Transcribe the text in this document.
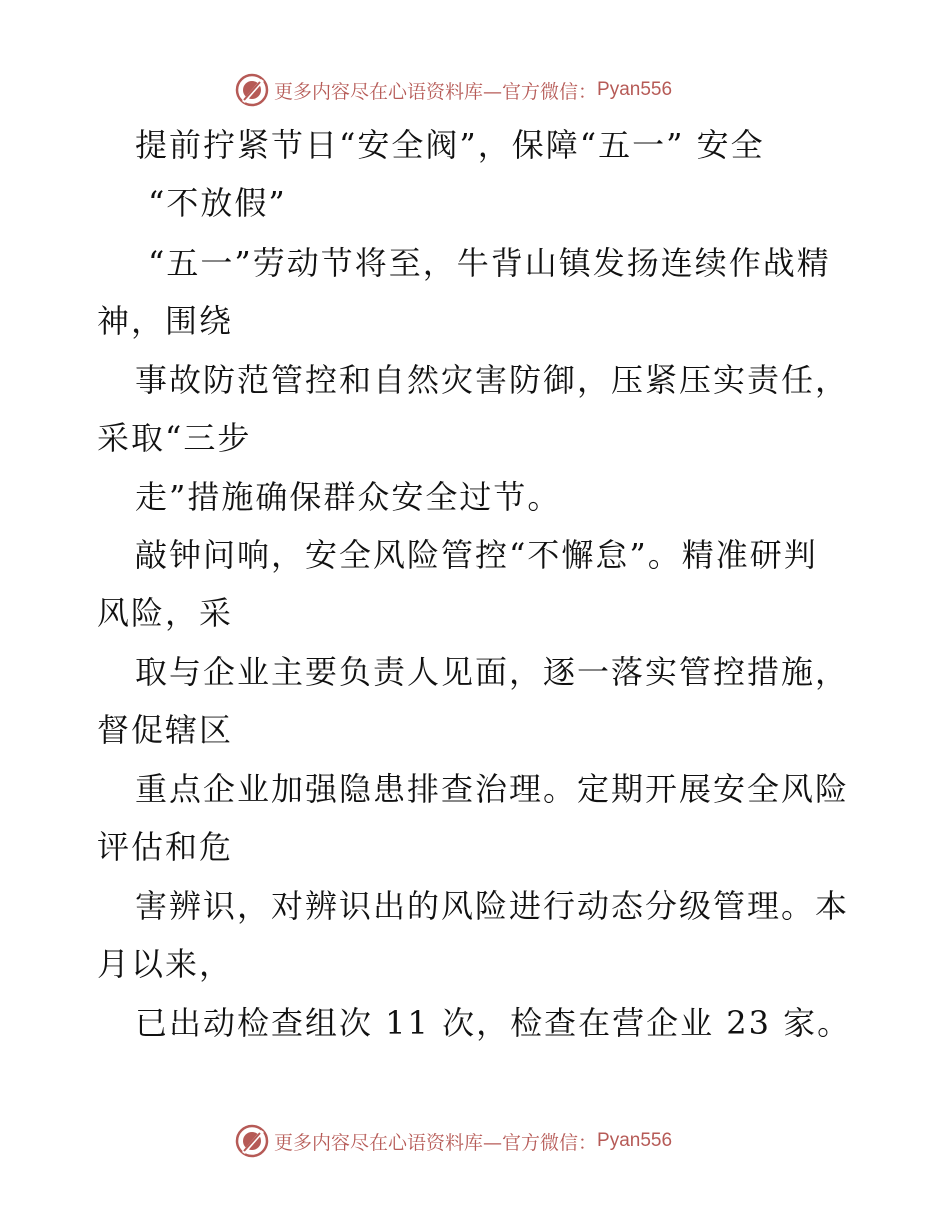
更多内容尽在心语资料库—官方微信： Pyan556
提前拧紧节日“安全阀”，保障“五一” 安全
“不放假”
“五一”劳动节将至，牛背山镇发扬连续作战精
神，围绕
事故防范管控和自然灾害防御，压紧压实责任，
采取“三步
走”措施确保群众安全过节。
敲钟问响，安全风险管控“不懈怠”。精准研判
风险，采
取与企业主要负责人见面，逐一落实管控措施，
督促辖区
重点企业加强隐患排查治理。定期开展安全风险
评估和危
害辨识，对辨识出的风险进行动态分级管理。本
月以来，
已出动检查组次 11 次，检查在营企业 23 家。
更多内容尽在心语资料库—官方微信： Pyan556
